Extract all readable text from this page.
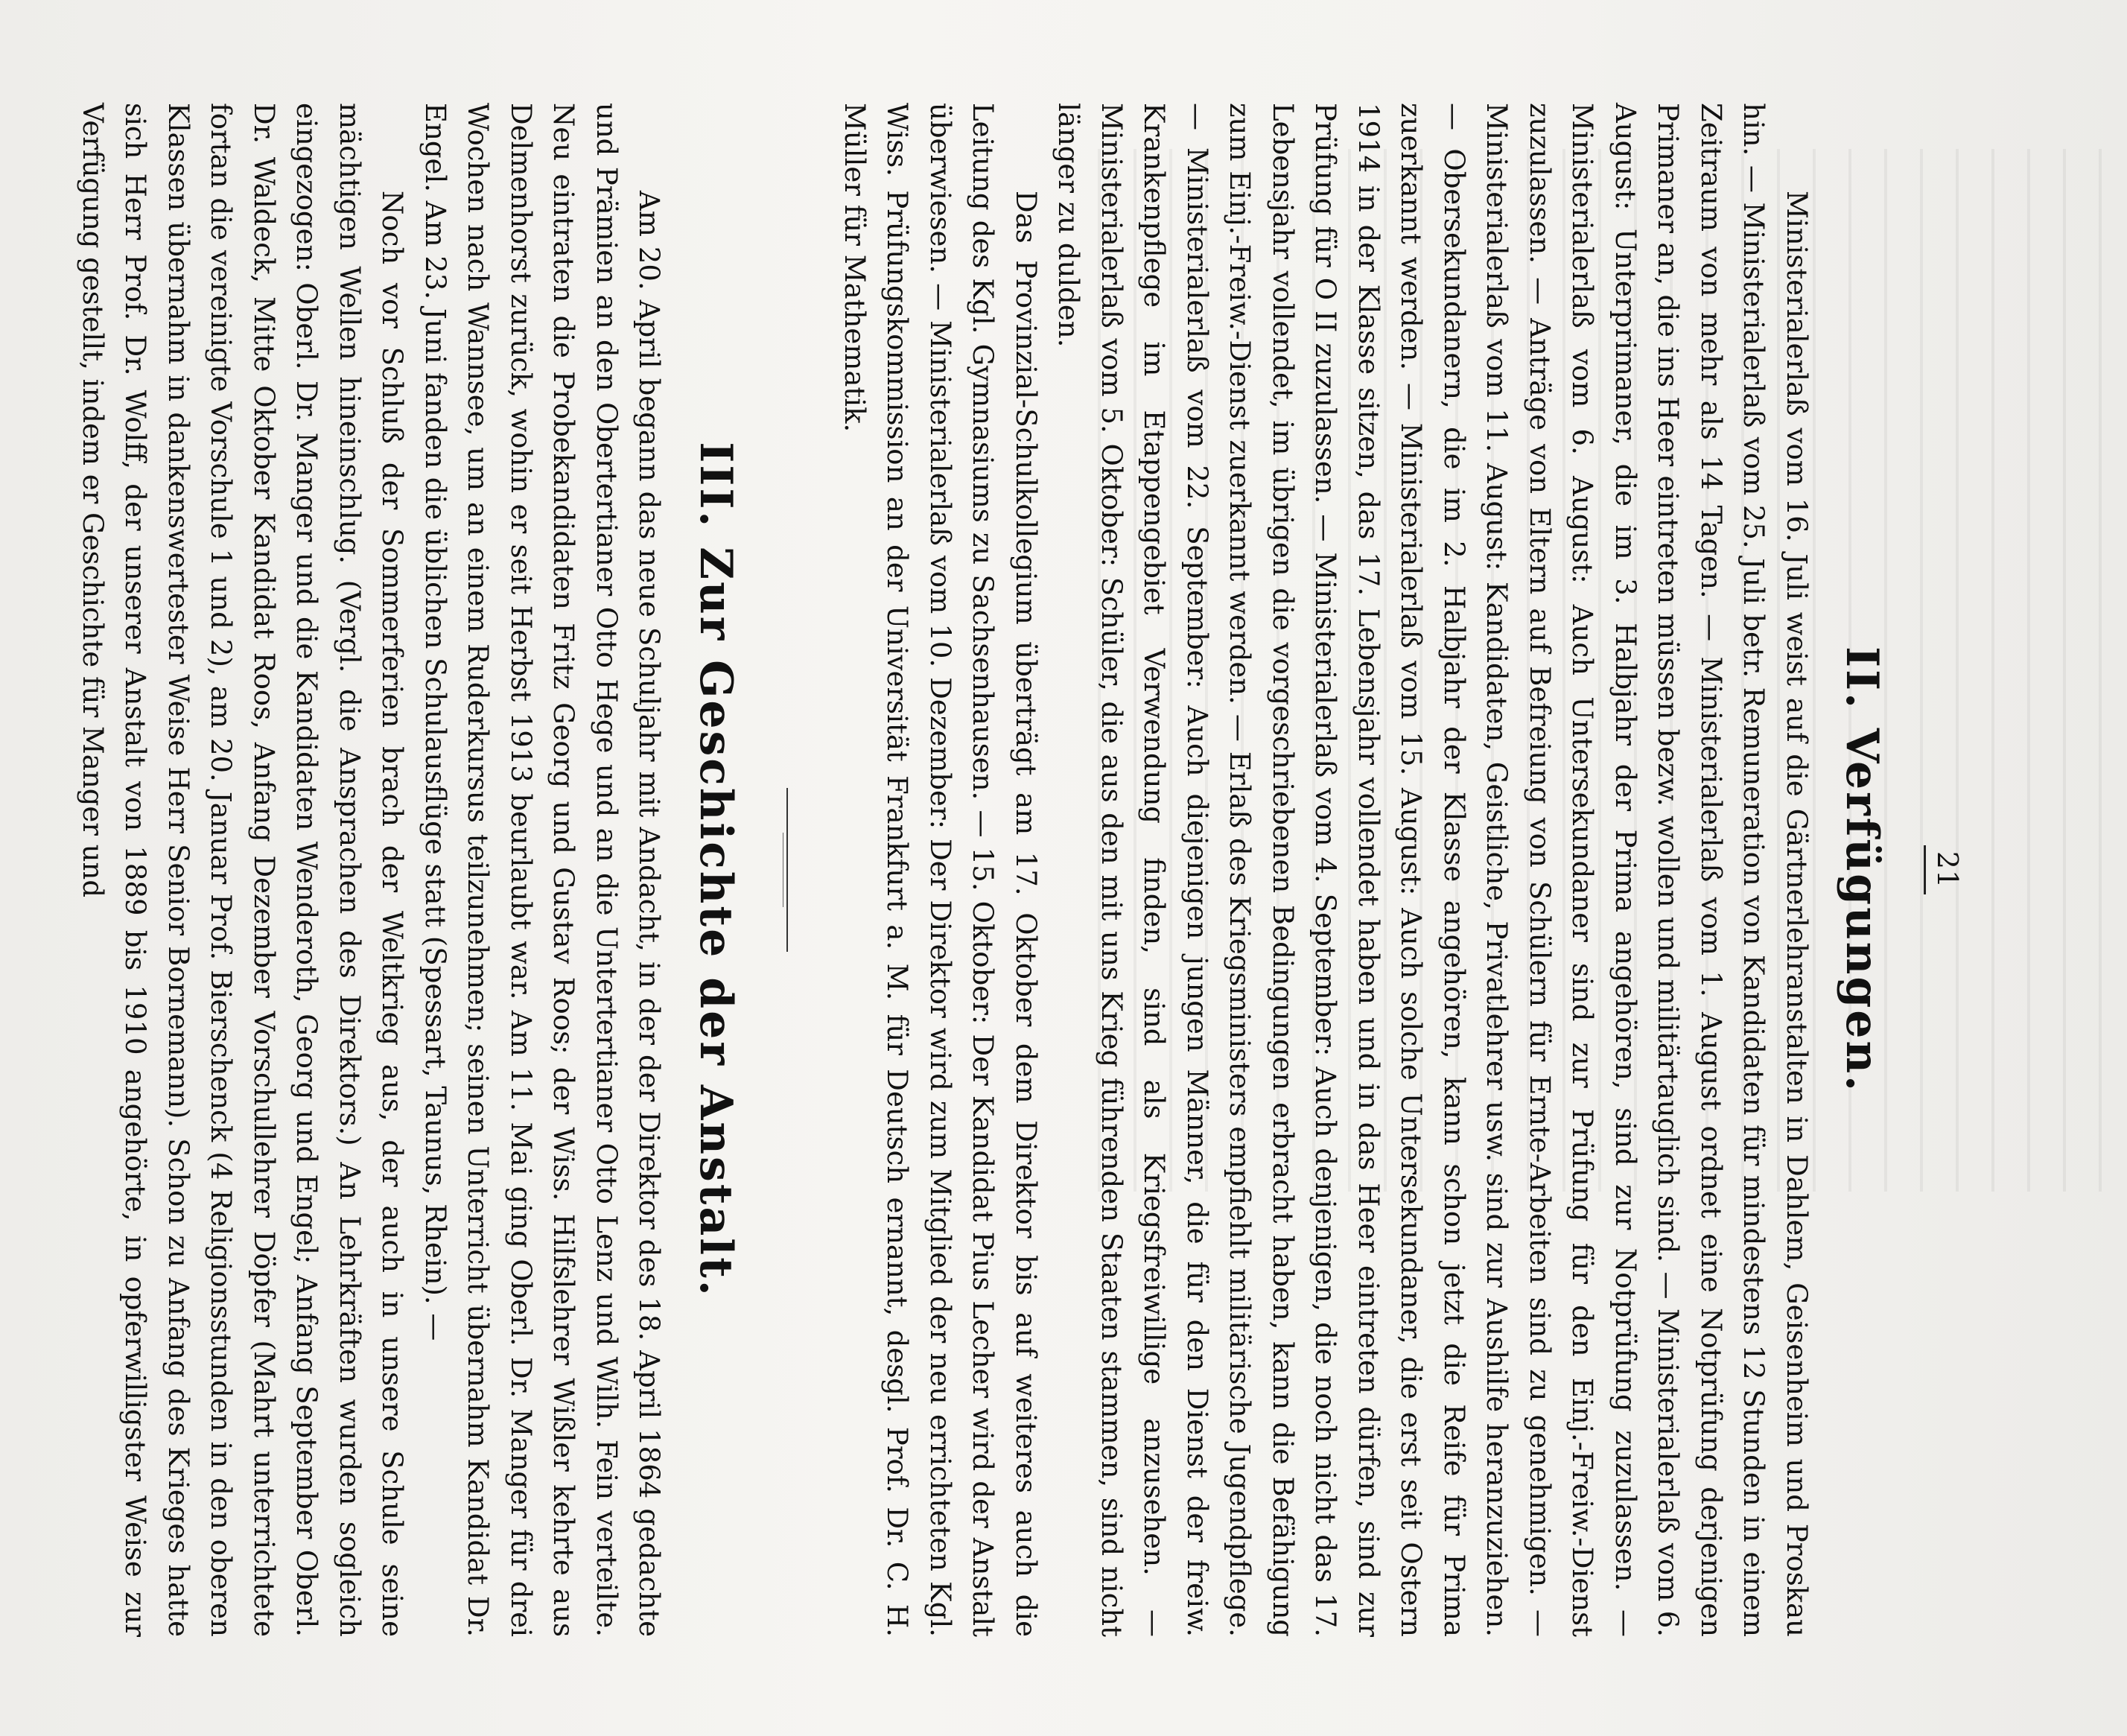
21
II. Verfügungen.

Ministerialerlaß vom 16. Juli weist auf die Gärtnerlehranstalten in Dahlem, Geisenheim und Proskau hin. — Ministerialerlaß vom 25. Juli betr. Remuneration von Kandidaten für mindestens 12 Stunden in einem Zeitraum von mehr als 14 Tagen. — Ministerialerlaß vom 1. August ordnet eine Notprüfung derjenigen Primaner an, die ins Heer eintreten müssen bezw. wollen und militärtauglich sind. — Ministerialerlaß vom 6. August: Unterprimaner, die im 3. Halbjahr der Prima angehören, sind zur Notprüfung zuzulassen. — Ministerialerlaß vom 6. August: Auch Untersekundaner sind zur Prüfung für den Einj.-Freiw.-Dienst zuzulassen. — Anträge von Eltern auf Befreiung von Schülern für Ernte-Arbeiten sind zu genehmigen. — Ministerialerlaß vom 11. August: Kandidaten, Geistliche, Privatlehrer usw. sind zur Aushilfe heranzuziehen. — Obersekundanern, die im 2. Halbjahr der Klasse angehören, kann schon jetzt die Reife für Prima zuerkannt werden. — Ministerialerlaß vom 15. August: Auch solche Untersekundaner, die erst seit Ostern 1914 in der Klasse sitzen, das 17. Lebensjahr vollendet haben und in das Heer eintreten dürfen, sind zur Prüfung für O II zuzulassen. — Ministerialerlaß vom 4. September: Auch denjenigen, die noch nicht das 17. Lebensjahr vollendet, im übrigen die vorgeschriebenen Bedingungen erbracht haben, kann die Befähigung zum Einj.-Freiw.-Dienst zuerkannt werden. — Erlaß des Kriegsministers empfiehlt militärische Jugendpflege. — Ministerialerlaß vom 22. September: Auch diejenigen jungen Männer, die für den Dienst der freiw. Krankenpflege im Etappengebiet Verwendung finden, sind als Kriegsfreiwillige anzusehen. — Ministerialerlaß vom 5. Oktober: Schüler, die aus den mit uns Krieg führenden Staaten stammen, sind nicht länger zu dulden.

Das Provinzial-Schulkollegium überträgt am 17. Oktober dem Direktor bis auf weiteres auch die Leitung des Kgl. Gymnasiums zu Sachsenhausen. — 15. Oktober: Der Kandidat Pius Lecher wird der Anstalt überwiesen. — Ministerialerlaß vom 10. Dezember: Der Direktor wird zum Mitglied der neu errichteten Kgl. Wiss. Prüfungskommission an der Universität Frankfurt a. M. für Deutsch ernannt, desgl. Prof. Dr. C. H. Müller für Mathematik.

III. Zur Geschichte der Anstalt.

Am 20. April begann das neue Schuljahr mit Andacht, in der der Direktor des 18. April 1864 gedachte und Prämien an den Obertertianer Otto Hege und an die Untertertianer Otto Lenz und Wilh. Fein verteilte. Neu eintraten die Probekandidaten Fritz Georg und Gustav Roos; der Wiss. Hilfslehrer Wißler kehrte aus Delmenhorst zurück, wohin er seit Herbst 1913 beurlaubt war. Am 11. Mai ging Oberl. Dr. Manger für drei Wochen nach Wannsee, um an einem Ruderkursus teilzunehmen; seinen Unterricht übernahm Kandidat Dr. Engel. Am 23. Juni fanden die üblichen Schulausflüge statt (Spessart, Taunus, Rhein). —

Noch vor Schluß der Sommerferien brach der Weltkrieg aus, der auch in unsere Schule seine mächtigen Wellen hineinschlug. (Vergl. die Ansprachen des Direktors.) An Lehrkräften wurden sogleich eingezogen: Oberl. Dr. Manger und die Kandidaten Wenderoth, Georg und Engel; Anfang September Oberl. Dr. Waldeck, Mitte Oktober Kandidat Roos, Anfang Dezember Vorschullehrer Döpfer (Mahrt unterrichtete fortan die vereinigte Vorschule 1 und 2), am 20. Januar Prof. Bierschenck (4 Religionsstunden in den oberen Klassen übernahm in dankenswertester Weise Herr Senior Bornemann). Schon zu Anfang des Krieges hatte sich Herr Prof. Dr. Wolff, der unserer Anstalt von 1889 bis 1910 angehörte, in opferwilligster Weise zur Verfügung gestellt, indem er Geschichte für Manger und
